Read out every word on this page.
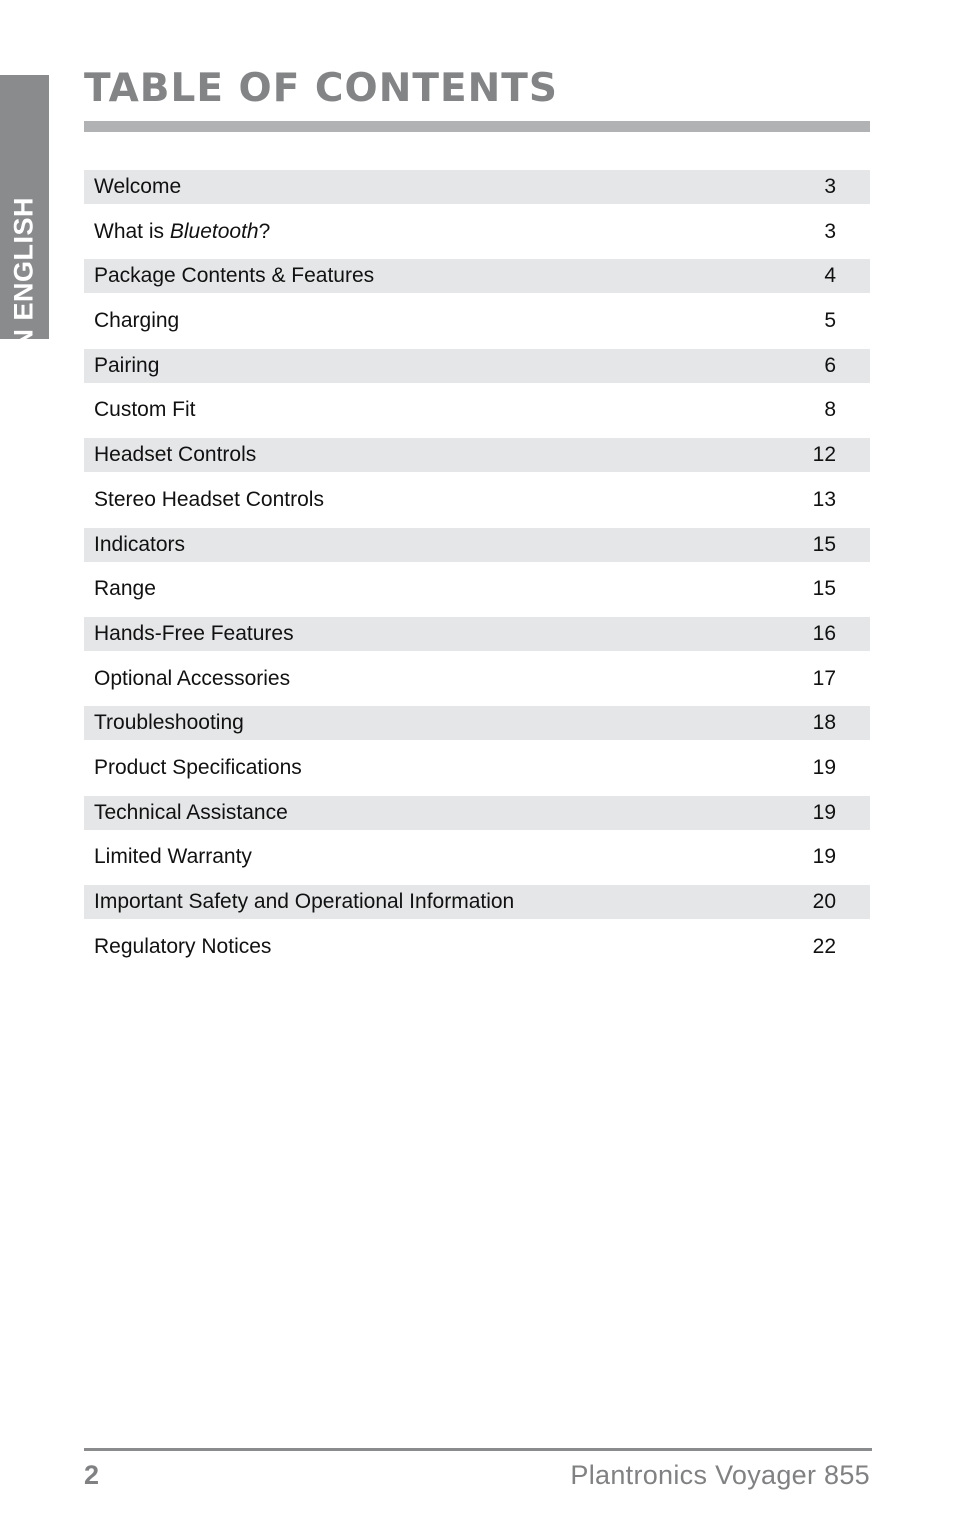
EN ENGLISH
TABLE OF CONTENTS
Welcome	3
What is Bluetooth?	3
Package Contents & Features	4
Charging	5
Pairing	6
Custom Fit	8
Headset Controls	12
Stereo Headset Controls	13
Indicators	15
Range	15
Hands-Free Features	16
Optional Accessories	17
Troubleshooting	18
Product Specifications	19
Technical Assistance	19
Limited Warranty	19
Important Safety and Operational Information	20
Regulatory Notices	22
2	Plantronics Voyager 855
